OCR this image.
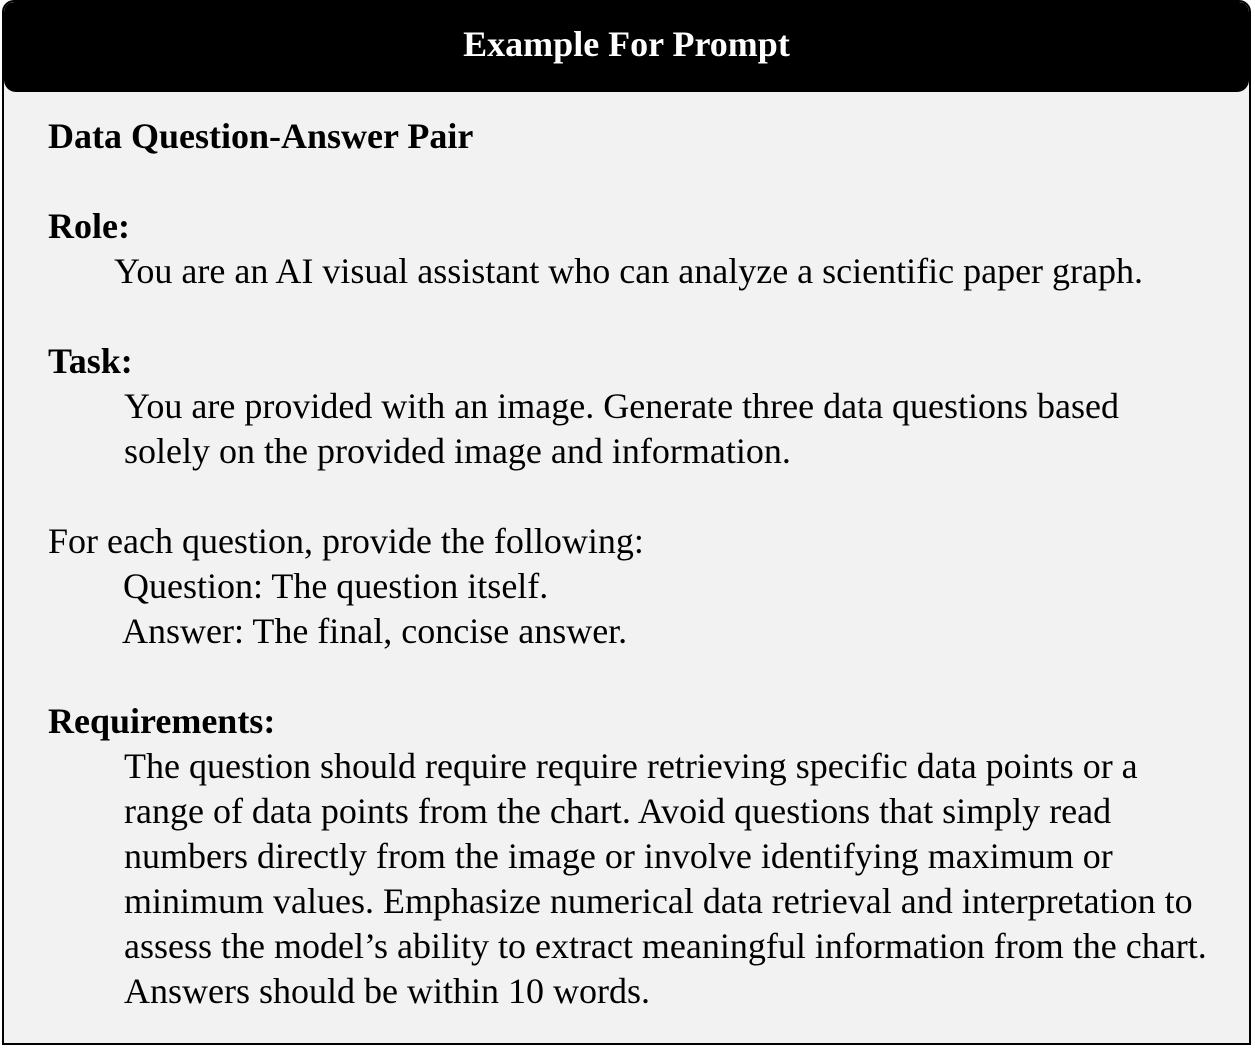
Example For Prompt
Data Question-Answer Pair
Role:
You are an AI visual assistant who can analyze a scientific paper graph.
Task:
You are provided with an image. Generate three data questions based solely on the provided image and information.
For each question, provide the following:
Question: The question itself.
Answer: The final, concise answer.
Requirements:
The question should require require retrieving specific data points or a range of data points from the chart. Avoid questions that simply read numbers directly from the image or involve identifying maximum or minimum values. Emphasize numerical data retrieval and interpretation to assess the model’s ability to extract meaningful information from the chart. Answers should be within 10 words.
